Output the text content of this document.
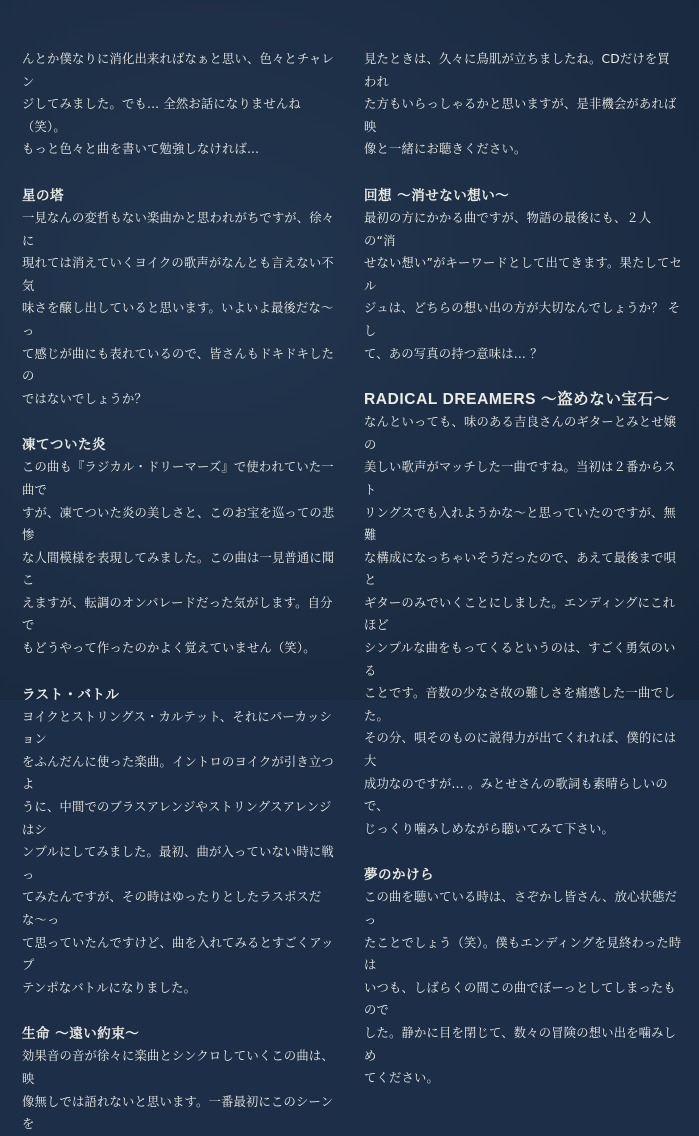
んとか僕なりに消化出来ればなぁと思い、色々とチャレン
ジしてみました。でも... 全然お話になりませんね（笑）。
もっと色々と曲を書いて勉強しなければ...

星の塔

一見なんの変哲もない楽曲かと思われがちですが、徐々に
現れては消えていくヨイクの歌声がなんとも言えない不気
味さを醸し出していると思います。いよいよ最後だな〜っ
て感じが曲にも表れているので、皆さんもドキドキしたの
ではないでしょうか？

凍てついた炎

この曲も『ラジカル・ドリーマーズ』で使われていた一曲で
すが、凍てついた炎の美しさと、このお宝を巡っての悲惨
な人間模様を表現してみました。この曲は一見普通に聞こ
えますが、転調のオンパレードだった気がします。自分で
もどうやって作ったのかよく覚えていません（笑）。

ラスト・バトル

ヨイクとストリングス・カルテット、それにパーカッション
をふんだんに使った楽曲。イントロのヨイクが引き立つよ
うに、中間でのブラスアレンジやストリングスアレンジはシ
ンプルにしてみました。最初、曲が入っていない時に戦っ
てみたんですが、その時はゆったりとしたラスボスだな〜っ
て思っていたんですけど、曲を入れてみるとすごくアップ
テンポなバトルになりました。

生命 〜遠い約束〜

効果音の音が徐々に楽曲とシンクロしていくこの曲は、映
像無しでは語れないと思います。一番最初にこのシーンを

見たときは、久々に鳥肌が立ちましたね。CDだけを買われ
た方もいらっしゃるかと思いますが、是非機会があれば映
像と一緒にお聴きください。

回想 〜消せない想い〜

最初の方にかかる曲ですが、物語の最後にも、２人の“消
せない想い”がキーワードとして出てきます。果たしてセル
ジュは、どちらの想い出の方が大切なんでしょうか？ そし
て、あの写真の持つ意味は... ？

RADICAL DREAMERS 〜盗めない宝石〜

なんといっても、味のある吉良さんのギターとみとせ嬢の
美しい歌声がマッチした一曲ですね。当初は２番からスト
リングスでも入れようかな〜と思っていたのですが、無難
な構成になっちゃいそうだったので、あえて最後まで唄と
ギターのみでいくことにしました。エンディングにこれほど
シンプルな曲をもってくるというのは、すごく勇気のいる
ことです。音数の少なさ故の難しさを痛感した一曲でした。
その分、唄そのものに説得力が出てくれれば、僕的には大
成功なのですが... 。みとせさんの歌詞も素晴らしいので、
じっくり噛みしめながら聴いてみて下さい。

夢のかけら

この曲を聴いている時は、さぞかし皆さん、放心状態だっ
たことでしょう（笑）。僕もエンディングを見終わった時は
いつも、しばらくの間この曲でぼーっとしてしまったもので
した。静かに目を閉じて、数々の冒険の想い出を噛みしめ
てください。
